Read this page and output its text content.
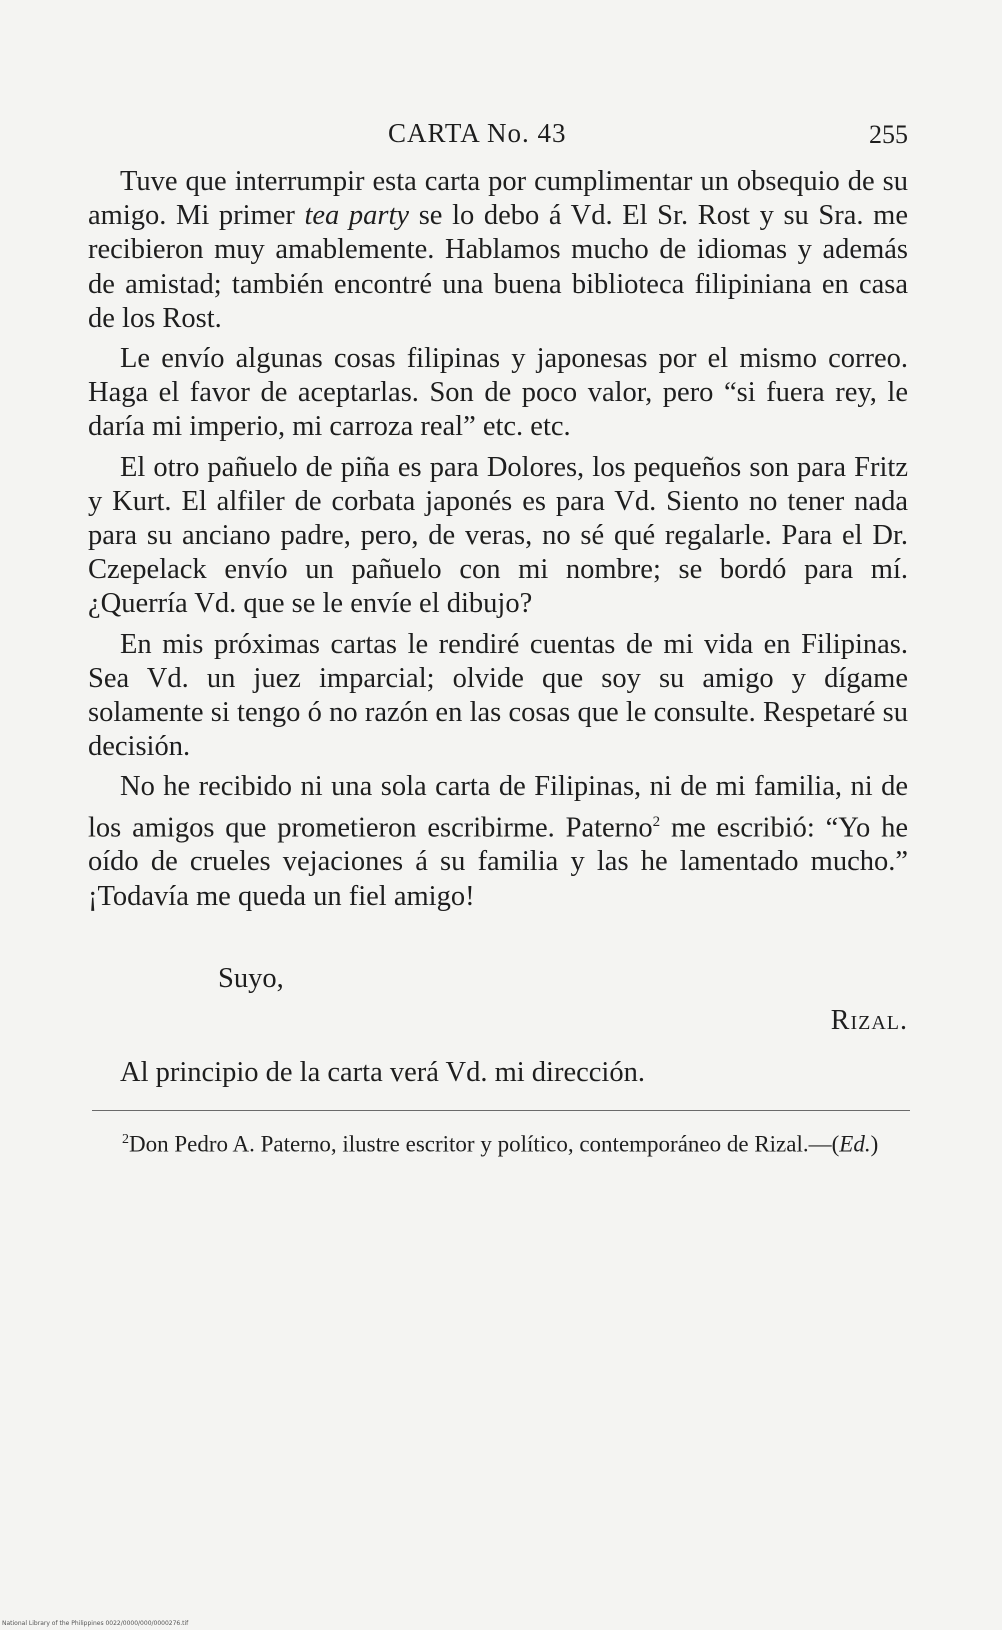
CARTA No. 43	255

Tuve que interrumpir esta carta por cumplimentar un obsequio de su amigo. Mi primer tea party se lo debo á Vd. El Sr. Rost y su Sra. me recibieron muy amablemente. Hablamos mucho de idiomas y además de amistad; también encontré una buena biblioteca filipiniana en casa de los Rost.

Le envío algunas cosas filipinas y japonesas por el mismo correo. Haga el favor de aceptarlas. Son de poco valor, pero “si fuera rey, le daría mi imperio, mi carroza real” etc. etc.

El otro pañuelo de piña es para Dolores, los pequeños son para Fritz y Kurt. El alfiler de corbata japonés es para Vd. Siento no tener nada para su anciano padre, pero, de veras, no sé qué regalarle. Para el Dr. Czepelack envío un pañuelo con mi nombre; se bordó para mí. ¿Querría Vd. que se le envíe el dibujo?

En mis próximas cartas le rendiré cuentas de mi vida en Filipinas. Sea Vd. un juez imparcial; olvide que soy su amigo y dígame solamente si tengo ó no razón en las cosas que le consulte. Respetaré su decisión.

No he recibido ni una sola carta de Filipinas, ni de mi familia, ni de los amigos que prometieron escribirme. Paterno$^2$ me escribió: “Yo he oído de crueles vejaciones á su familia y las he lamentado mucho.” ¡Todavía me queda un fiel amigo!

Suyo,
Rizal.
Al principio de la carta verá Vd. mi dirección.
$^2$Don Pedro A. Paterno, ilustre escritor y político, contemporáneo de Rizal.—(Ed.)
National Library of the Philippines 0022/0000/000/0000276.tif
